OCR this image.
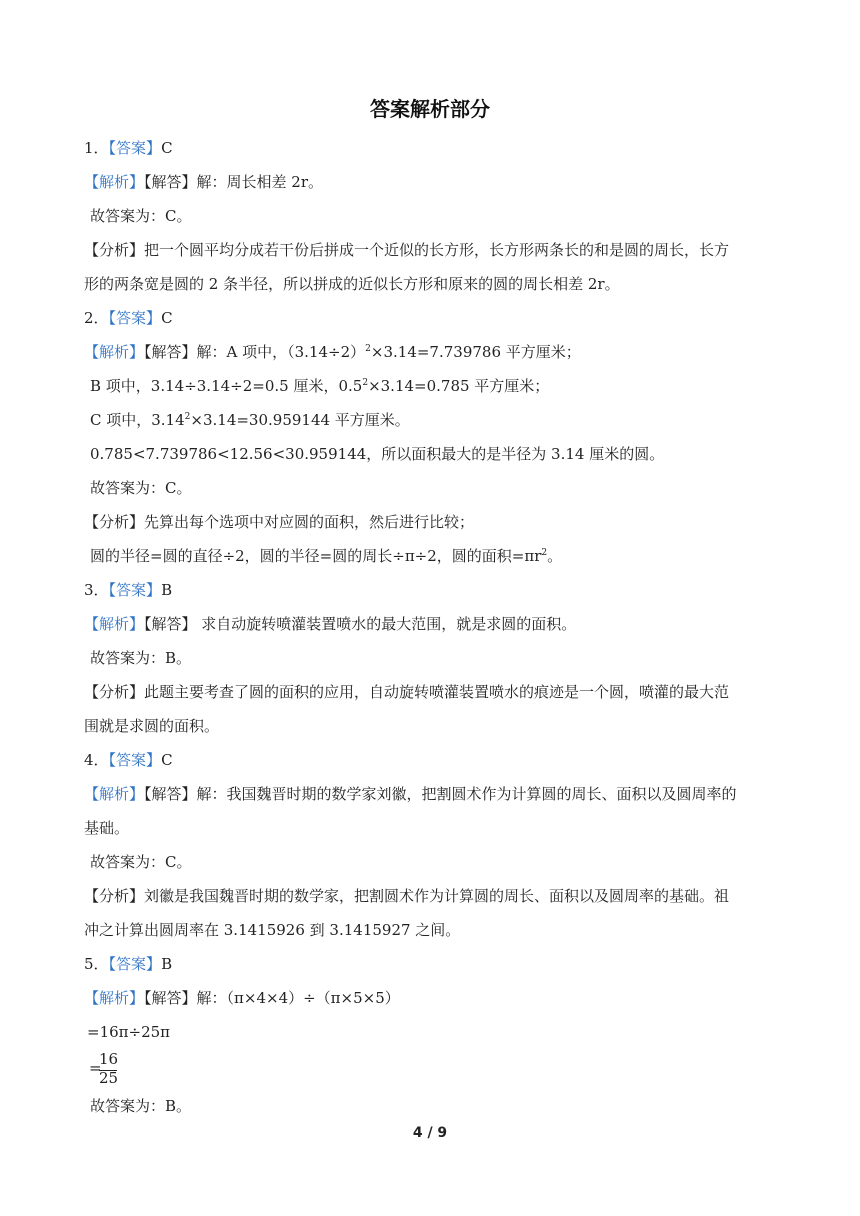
答案解析部分
1．【答案】C
【解析】【解答】解：周长相差 2r。
故答案为：C。
【分析】把一个圆平均分成若干份后拼成一个近似的长方形，长方形两条长的和是圆的周长，长方
形的两条宽是圆的 2 条半径，所以拼成的近似长方形和原来的圆的周长相差 2r。
2．【答案】C
【解析】【解答】解：A 项中，$(3.14\div 2)^2\times 3.14=7.739786$ 平方厘米；
B 项中，3.14÷3.14÷2=0.5 厘米，$0.5^2\times 3.14=0.785$ 平方厘米；
C 项中，$3.14^2\times 3.14=30.959144$ 平方厘米。
0.785<7.739786<12.56<30.959144，所以面积最大的是半径为 3.14 厘米的圆。
故答案为：C。
【分析】先算出每个选项中对应圆的面积，然后进行比较；
圆的半径=圆的直径÷2，圆的半径=圆的周长÷π÷2，圆的面积$=\pi r^2$。
3．【答案】B
【解析】【解答】 求自动旋转喷灌装置喷水的最大范围，就是求圆的面积。
故答案为：B。
【分析】此题主要考查了圆的面积的应用，自动旋转喷灌装置喷水的痕迹是一个圆，喷灌的最大范
围就是求圆的面积。
4．【答案】C
【解析】【解答】解：我国魏晋时期的数学家刘徽，把割圆术作为计算圆的周长、面积以及圆周率的
基础。
故答案为：C。
【分析】刘徽是我国魏晋时期的数学家，把割圆术作为计算圆的周长、面积以及圆周率的基础。祖
冲之计算出圆周率在 3.1415926 到 3.1415927 之间。
5．【答案】B
【解析】【解答】解：（π×4×4）÷（π×5×5）
=16π÷25π
=
16
25
故答案为：B。
4 / 9
